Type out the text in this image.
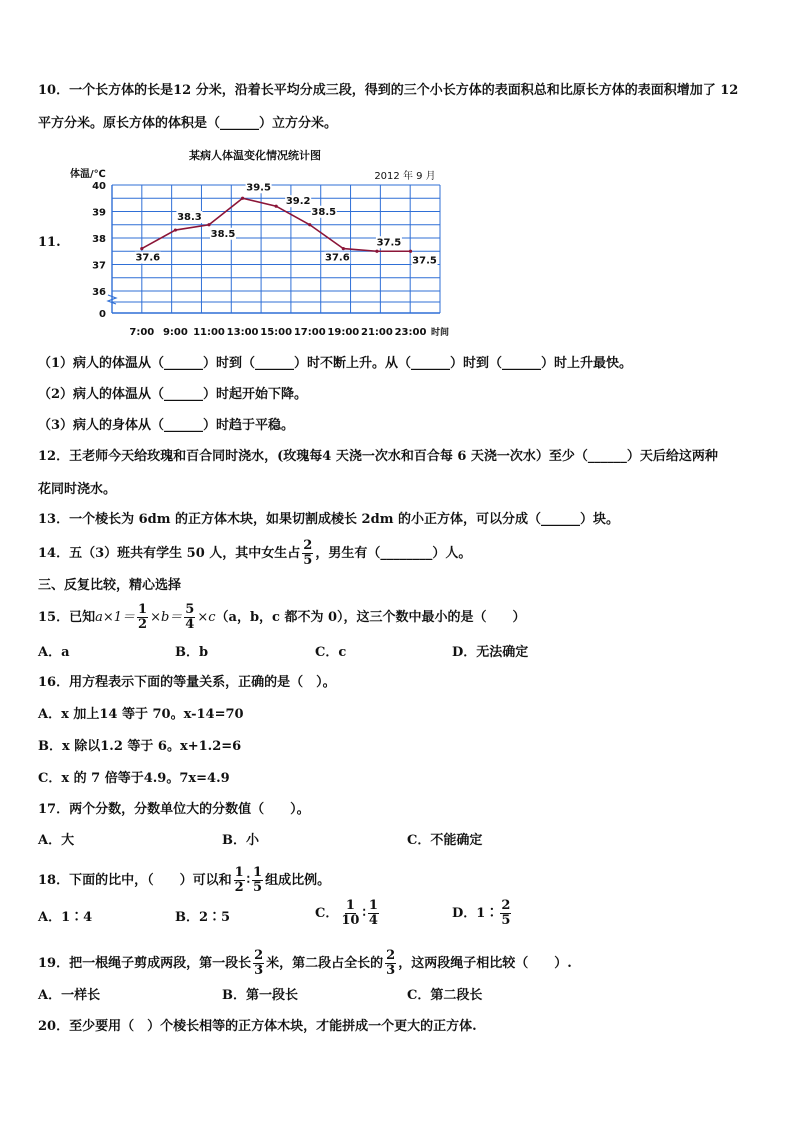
10．一个长方体的长是12 分米，沿着长平均分成三段，得到的三个小长方体的表面积总和比原长方体的表面积增加了 12
平方分米。原长方体的体积是（______）立方分米。
11.
40
39
38
37
36
0
7:00 9:00 11:00 13:00 15:00 17:00 19:00 21:00 23:00
37.6
38.3
38.5
39.5
39.2
38.5
37.6
37.5
37.5
某病人体温变化情况统计图
2012 年 9 月
体温/℃
时间
（1）病人的体温从（______）时到（______）时不断上升。从（______）时到（______）时上升最快。
（2）病人的体温从（______）时起开始下降。
（3）病人的身体从（______）时趋于平稳。
12．王老师今天给玫瑰和百合同时浇水，(玫瑰每4 天浇一次水和百合每 6 天浇一次水）至少（______）天后给这两种
花同时浇水。
13．一个棱长为 6dm 的正方体木块，如果切割成棱长 2dm 的小正方体，可以分成（______）块。
14．五（3）班共有学生 50 人，其中女生占 $\frac{2}{5}$ ，男生有（________）人。
三、反复比较，精心选择
15．已知$a\times 1= \frac{1}{2} \times b= \frac{5}{4} \times c(a$，b，c 都不为 0），这三个数中最小的是（　　）
A．a	B．b	C．c	D．无法确定
16．用方程表示下面的等量关系，正确的是（　）。
A．x 加上14 等于 70。x-14=70
B．x 除以1.2 等于 6。x+1.2=6
C．x 的 7 倍等于4.9。7x=4.9
17．两个分数，分数单位大的分数值（　　）。
A．大	B．小	C．不能确定
18．下面的比中，（　　）可以和 $\frac{1}{2}$ ∶ $\frac{1}{5}$ 组成比例。
A．1∶4	B．2∶5	C． $\frac{1}{10}$ ∶ $\frac{1}{4}$	D．1∶ $\frac{2}{5}$
19．把一根绳子剪成两段，第一段长 $\frac{2}{3}$ 米，第二段占全长的 $\frac{2}{3}$ ，这两段绳子相比较（　　）.
A．一样长	B．第一段长	C．第二段长
20．至少要用（　）个棱长相等的正方体木块，才能拼成一个更大的正方体.
